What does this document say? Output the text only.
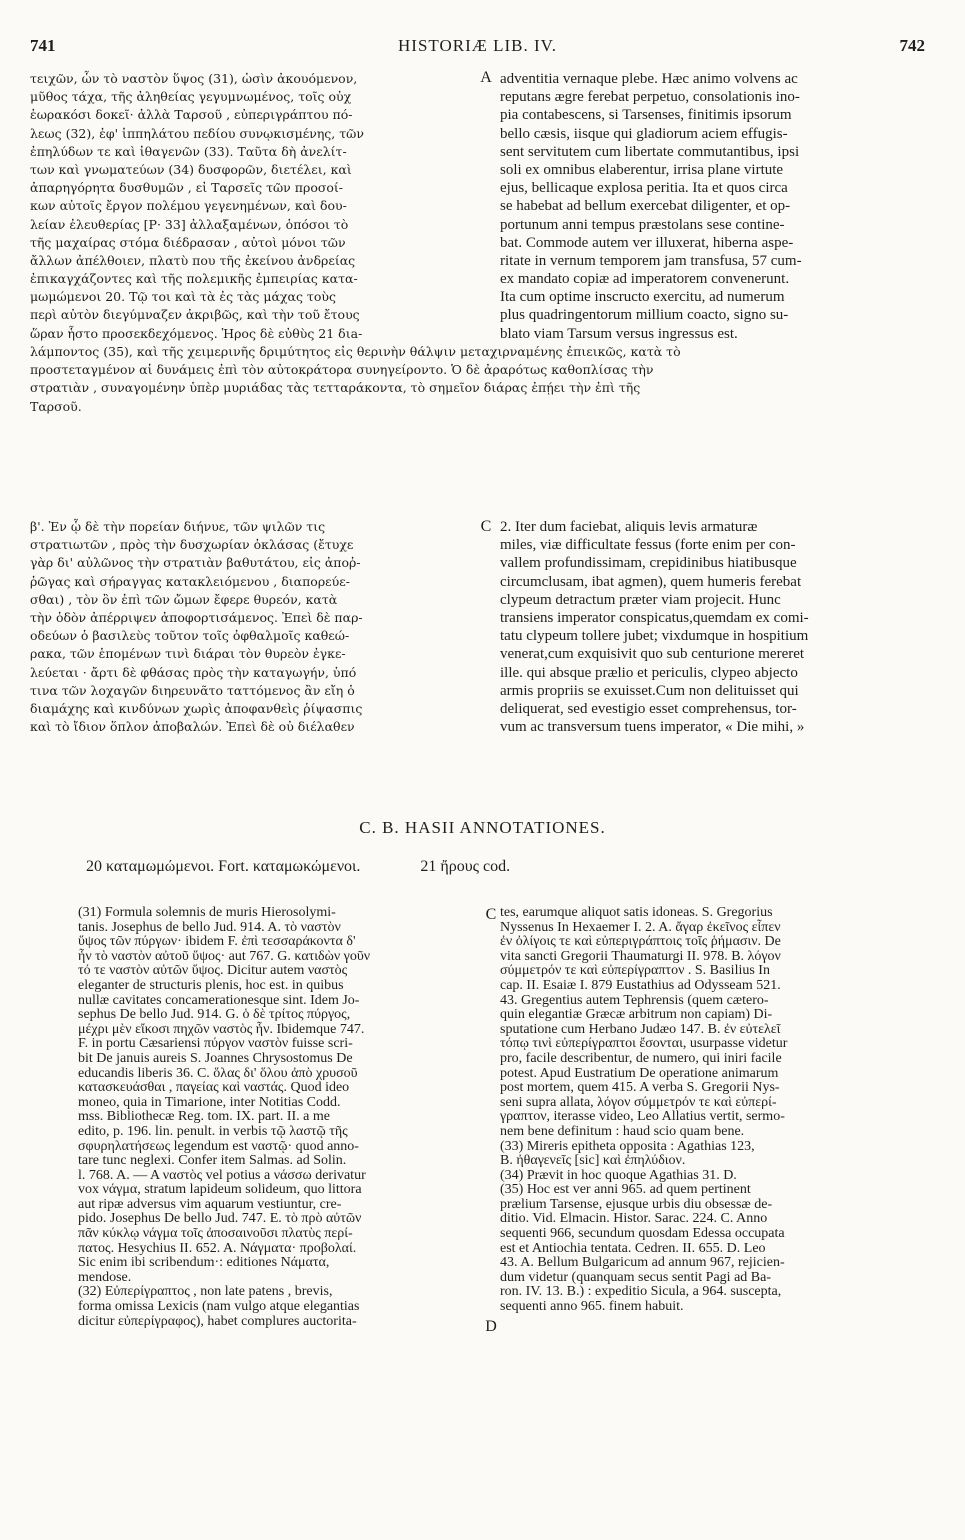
741	HISTORIÆ LIB. IV.	742
τειχῶν, ὧν τὸ ναστὸν ὕψος (31), ὡσὶν ἀκουόμενον,
μῦθος τάχα, τῆς ἀληθείας γεγυμνωμένος, τοῖς οὐχ
ἑωρακόσι δοκεῖ· ἀλλὰ Ταρσοῦ , εὐπεριγράπτου πό-
λεως (32), ἐφ' ἱππηλάτου πεδίου συνῳκισμένης, τῶν
ἐπηλύδων τε καὶ ἰθαγενῶν (33). Ταῦτα δὴ ἀνελίτ-
των καὶ γνωματεύων (34) δυσφορῶν, διετέλει, καὶ
ἀπαρηγόρητα δυσθυμῶν , εἰ Ταρσεῖς τῶν προσοί-
κων αὐτοῖς ἔργον πολέμου γεγενημένων, καὶ δου-
λείαν ἐλευθερίας [P· 33] ἀλλαξαμένων, ὁπόσοι τὸ
τῆς μαχαίρας στόμα διέδρασαν , αὐτοὶ μόνοι τῶν
ἄλλων ἀπέλθοιεν, πλατὺ που τῆς ἐκείνου ἀνδρείας
ἐπικαγχάζοντες καὶ τῆς πολεμικῆς ἐμπειρίας κατα-
μωμώμενοι 20. Τῷ τοι καὶ τὰ ἐς τὰς μάχας τοὺς
περὶ αὐτὸν διεγύμναζεν ἀκριβῶς, καὶ τὴν τοῦ ἔτους
ὥραν ἧστο προσεκδεχόμενος. Ἡρος δὲ εὐθὺς 21 διa-
A adventitia vernaque plebe. Hæc animo volvens ac
reputans ægre ferebat perpetuo, consolationis ino-
pia contabescens, si Tarsenses, finitimis ipsorum
bello cæsis, iisque qui gladiorum aciem effugis-
sent servitutem cum libertate commutantibus, ipsi
soli ex omnibus elaberentur, irrisa plane virtute
ejus, bellicaque explosa peritia. Ita et quos circa
se habebat ad bellum exercebat diligenter, et op-
portunum anni tempus præstolans sese contine-
bat. Commode autem ver illuxerat, hiberna aspe-
ritate in vernum temporem jam transfusa, 57 cum-
ex mandato copiæ ad imperatorem convenerunt.
Ita cum optime inscructo exercitu, ad numerum
plus quadringentorum millium coacto, signo su-
blato viam Tarsum versus ingressus est.
λάμποντος (35), καὶ τῆς χειμερινῆς δριμύτητος εἰς θερινὴν θάλψιν μεταχιρναμένης ἐπιεικῶς, κατὰ τὸ
προστεταγμένον αἱ δυνάμεις ἐπὶ τὸν αὐτοκράτορα συνηγείροντο. Ὁ δὲ ἀραρότως καθοπλίσας τὴν
στρατιὰν , συναγομένην ὑπὲρ μυριάδας τὰς τετταράκοντα, τὸ σημεῖον διάρας ἐπῄει τὴν ἐπὶ τῆς
Ταρσοῦ.
β'. Ἐν ᾧ δὲ τὴν πορείαν διήνυε, τῶν ψιλῶν τις
στρατιωτῶν , πρὸς τὴν δυσχωρίαν ὀκλάσας (ἔτυχε
γὰρ δι' αὐλῶνος τὴν στρατιὰν βαθυτάτου, εἰς ἀποῤ-
ῥῶγας καὶ σήραγγας κατακλειόμενου , διαπορεύε-
σθαι) , τὸν ὂν ἐπὶ τῶν ὤμων ἔφερε θυρεόν, κατὰ
τὴν ὁδὸν ἀπέρριψεν ἀποφορτισάμενος. Ἐπεὶ δὲ παρ-
οδεύων ὁ βασιλεὺς τοῦτον τοῖς ὀφθαλμοῖς καθεώ-
ρακα, τῶν ἑπομένων τινὶ διάραι τὸν θυρεὸν ἐγκε-
λεύεται · ἄρτι δὲ φθάσας πρὸς τὴν καταγωγήν, ὑπό
τινα τῶν λοχαγῶν διηρευνᾶτο ταττόμενος ἂν εἴη ὁ
διαμάχης καὶ κινδύνων χωρὶς ἀποφανθεὶς ῥίψασπις
καὶ τὸ ἴδιον ὅπλον ἀποβαλών. Ἐπεὶ δὲ οὐ διέλαθεν
C 2. Iter dum faciebat, aliquis levis armaturæ
miles, viæ difficultate fessus (forte enim per con-
vallem profundissimam, crepidinibus hiatibusque
circumclusam, ibat agmen), quem humeris ferebat
clypeum detractum præter viam projecit. Hunc
transiens imperator conspicatus,quemdam ex comi-
tatu clypeum tollere jubet; vixdumque in hospitium
venerat,cum exquisivit quo sub centurione mereret
ille. qui absque prælio et periculis, clypeo abjecto
armis propriis se exuisset.Cum non delituisset qui
deliquerat, sed evestigio esset comprehensus, tor-
vum ac transversum tuens imperator, « Die mihi, »
C. B. HASII ANNOTATIONES.
20 καταμωμώμενοι. Fort. καταμωκώμενοι.	21 ἤρους cod.
(31) Formula solemnis de muris Hierosolymi-
tanis. Josephus de bello Jud. 914. A. τὸ ναστὸν
ὕψος τῶν πύργων· ibidem F. ἐπὶ τεσσαράκοντα δ'
ἦν τὸ ναστὸν αὐτοῦ ὕψος· aut 767. G. κατιδὼν γοῦν
τό τε ναστὸν αὐτῶν ὕψος. Dicitur autem ναστὸς
eleganter de structuris plenis, hoc est. in quibus
nullæ cavitates concamerationesque sint. Idem Jo-
sephus De bello Jud. 914. G. ὁ δὲ τρίτος πύργος,
μέχρι μὲν εἴκοσι πηχῶν ναστὸς ἦν. Ibidemque 747.
F. in portu Cæsariensi πύργον ναστὸν fuisse scri-
bit De januis aureis S. Joannes Chrysostomus De
educandis liberis 36. C. ὅλας δι' ὅλου ἀπὸ χρυσοῦ
κατασκευάσθαι , παγείας καὶ ναστάς. Quod ideo
moneo, quia in Timarione, inter Notitias Codd.
mss. Bibliothecæ Reg. tom. IX. part. II. a me
edito, p. 196. lin. penult. in verbis τῷ λαστῷ τῆς
σφυρηλατήσεως legendum est ναστῷ· quod anno-
tare tunc neglexi. Confer item Salmas. ad Solin.
l. 768. A. — A ναστὸς vel potius a νάσσω derivatur
vox νάγμα, stratum lapideum solideum, quo littora
aut ripæ adversus vim aquarum vestiuntur, cre-
pido. Josephus De bello Jud. 747. E. τὸ πρὸ αὐτῶν
πᾶν κύκλῳ νάγμα τοῖς ἀποσαινοῦσι πλατὺς περί-
πατος. Hesychius II. 652. A. Νάγματα· προβολαί.
Sic enim ibi scribendum·: editiones Νάματα,
mendose.
(32) Εὐπερίγραπτος , non late patens , brevis,
forma omissa Lexicis (nam vulgo atque elegantias
dicitur εὐπερίγραφος), habet complures auctorita-
C
D
tes, earumque aliquot satis idoneas. S. Gregorius
Nyssenus In Hexaemer I. 2. A. ἄγαρ ἐκεῖνος εἶπεν
ἐν ὀλίγοις τε καὶ εὐπεριγράπτοις τοῖς ῥήμασιν. De
vita sancti Gregorii Thaumaturgi II. 978. B. λόγον
σύμμετρόν τε καὶ εὐπερίγραπτον . S. Basilius In
cap. II. Esaiæ I. 879 Eustathius ad Odysseam 521.
43. Gregentius autem Tephrensis (quem cætero-
quin elegantiæ Græcæ arbitrum non capiam) Di-
sputatione cum Herbano Judæo 147. B. ἐν εὐτελεῖ
τόπῳ τινὶ εὐπερίγραπτοι ἔσονται, usurpasse videtur
pro, facile describentur, de numero, qui iniri facile
potest. Apud Eustratium De operatione animarum
post mortem, quem 415. A verba S. Gregorii Nys-
seni supra allata, λόγον σύμμετρόν τε καὶ εὐπερί-
γραπτον, iterasse video, Leo Allatius vertit, sermo-
nem bene definitum : haud scio quam bene.
(33) Mireris epitheta opposita : Agathias 123,
B. ἠθαγενεῖς [sic] καὶ ἐπηλύδιον.
(34) Prævit in hoc quoque Agathias 31. D.
(35) Hoc est ver anni 965. ad quem pertinent
prælium Tarsense, ejusque urbis diu obsessæ de-
ditio. Vid. Elmacin. Histor. Sarac. 224. C. Anno
sequenti 966, secundum quosdam Edessa occupata
est et Antiochia tentata. Cedren. II. 655. D. Leo
43. A. Bellum Bulgaricum ad annum 967, rejicien-
dum videtur (quanquam secus sentit Pagi ad Ba-
ron. IV. 13. B.) : expeditio Sicula, a 964. suscepta,
sequenti anno 965. finem habuit.
